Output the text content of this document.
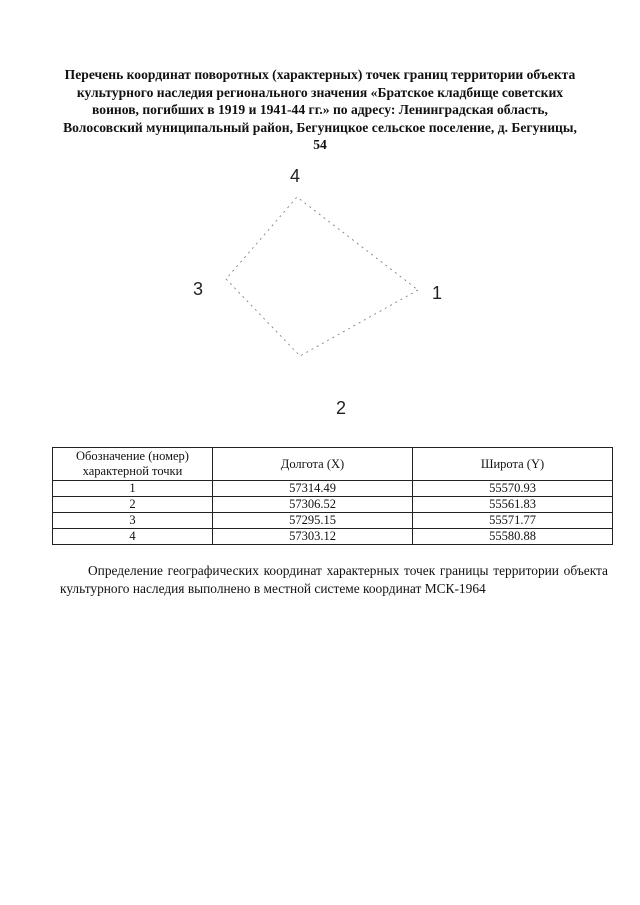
Перечень координат поворотных (характерных) точек границ территории объекта культурного наследия регионального значения «Братское кладбище советских воинов, погибших в 1919 и 1941-44 гг.» по адресу: Ленинградская область, Волосовский муниципальный район, Бегуницкое сельское поселение, д. Бегуницы, 54
1
2
3
4
Обозначение (номер) характерной точки	Долгота (X)	Широта (Y)
1	57314.49	55570.93
2	57306.52	55561.83
3	57295.15	55571.77
4	57303.12	55580.88
Определение географических координат характерных точек границы территории объекта культурного наследия выполнено в местной системе координат МСК-1964
